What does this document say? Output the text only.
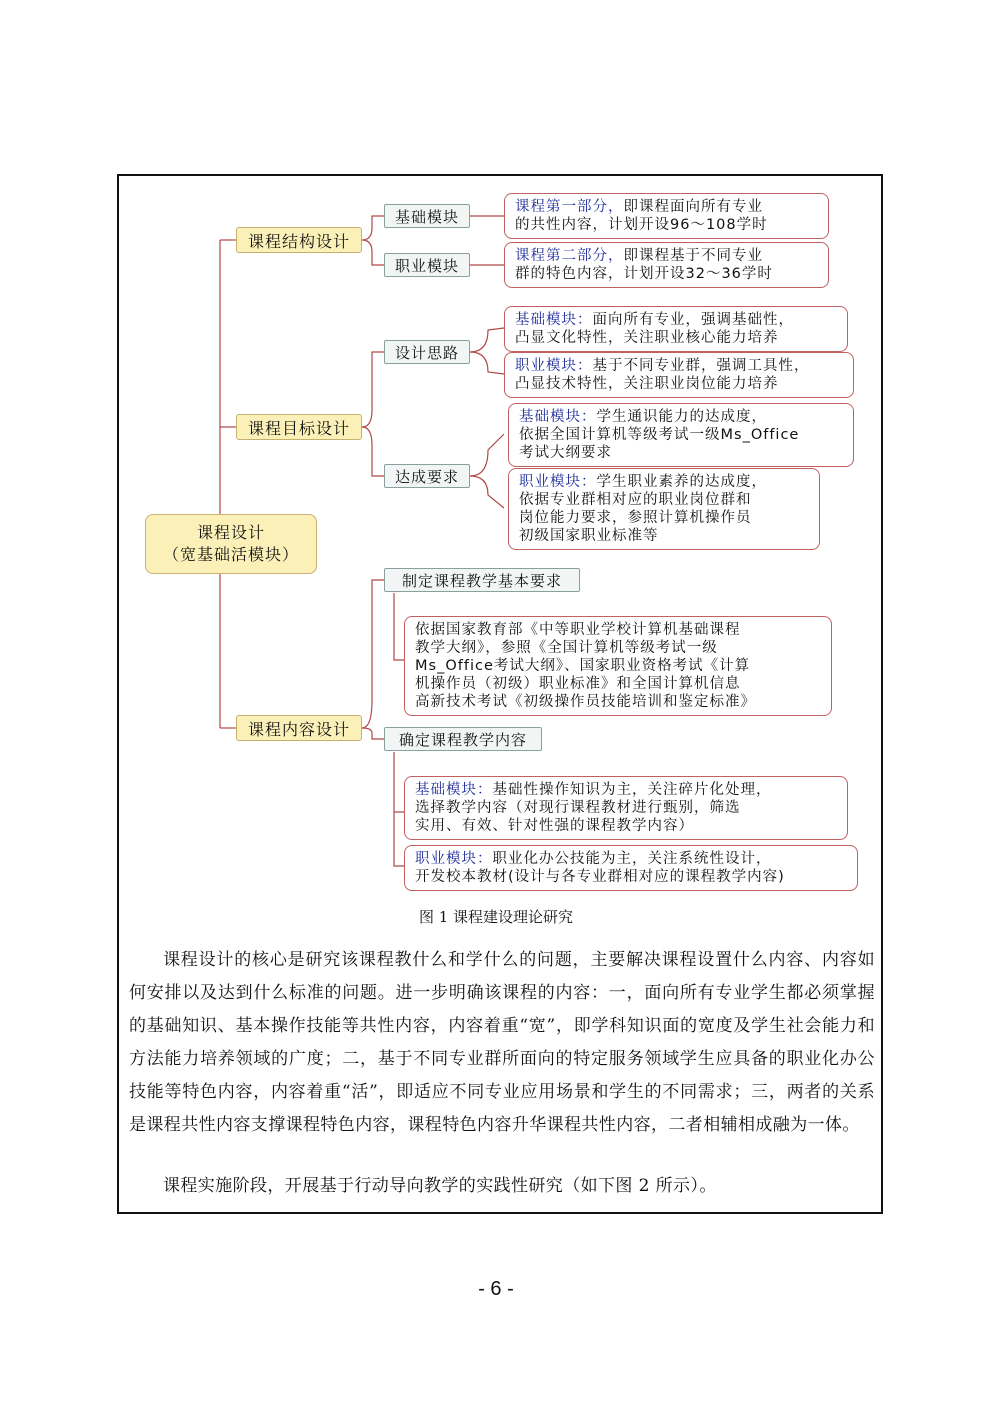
课程设计
（宽基础活模块）
课程结构设计
课程目标设计
课程内容设计
基础模块
职业模块
设计思路
达成要求
制定课程教学基本要求
确定课程教学内容
课程第一部分，即课程面向所有专业
的共性内容，计划开设96～108学时
课程第二部分，即课程基于不同专业
群的特色内容，计划开设32～36学时
基础模块：面向所有专业，强调基础性，
凸显文化特性，关注职业核心能力培养
职业模块：基于不同专业群，强调工具性，
凸显技术特性，关注职业岗位能力培养
基础模块：学生通识能力的达成度，
依据全国计算机等级考试一级Ms_Office
考试大纲要求
职业模块：学生职业素养的达成度，
依据专业群相对应的职业岗位群和
岗位能力要求，参照计算机操作员
初级国家职业标准等
依据国家教育部《中等职业学校计算机基础课程
教学大纲》，参照《全国计算机等级考试一级
Ms_Office考试大纲》、国家职业资格考试《计算
机操作员（初级）职业标准》和全国计算机信息
高新技术考试《初级操作员技能培训和鉴定标准》
基础模块：基础性操作知识为主，关注碎片化处理，
选择教学内容（对现行课程教材进行甄别，筛选
实用、有效、针对性强的课程教学内容）
职业模块：职业化办公技能为主，关注系统性设计，
开发校本教材(设计与各专业群相对应的课程教学内容)
图 1 课程建设理论研究
课程设计的核心是研究该课程教什么和学什么的问题，主要解决课程设置什么内容、内容如何安排以及达到什么标准的问题。进一步明确该课程的内容：一，面向所有专业学生都必须掌握的基础知识、基本操作技能等共性内容，内容着重“宽”，即学科知识面的宽度及学生社会能力和方法能力培养领域的广度；二，基于不同专业群所面向的特定服务领域学生应具备的职业化办公技能等特色内容，内容着重“活”，即适应不同专业应用场景和学生的不同需求；三，两者的关系是课程共性内容支撑课程特色内容，课程特色内容升华课程共性内容，二者相辅相成融为一体。
课程实施阶段，开展基于行动导向教学的实践性研究（如下图 2 所示）。
- 6 -
